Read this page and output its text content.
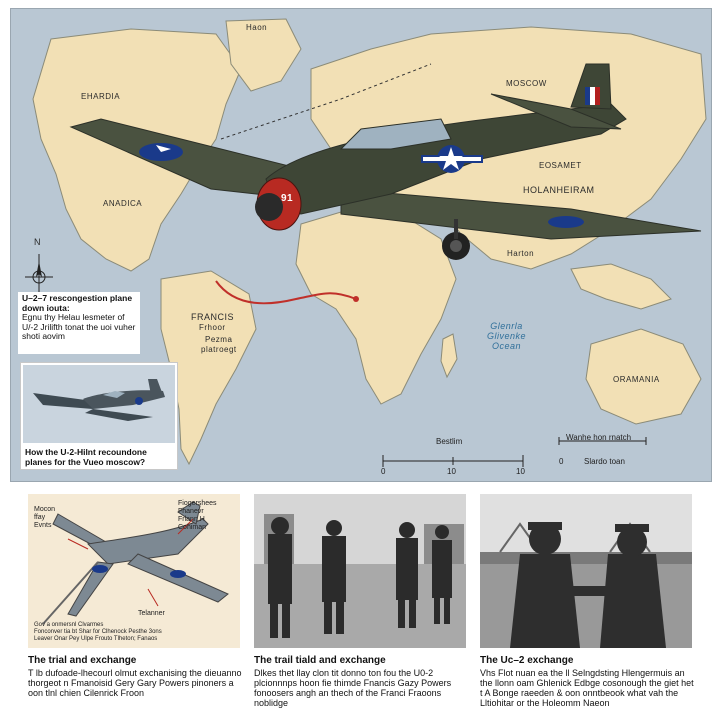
EHARDIA
Haon
ANADICA
MOSCOW
EOSAMET
HOLANHEIRAM
Harton
FRANCIS
Frhoor
Pezma
platroegt
Glenrla
Glivenke
Ocean
ORAMANIA
N
91
Bestlim
0	10	10
Wanhe hon rnatch
0	Slardo toan
U–2–7 rescongestion plane down iouta:
Egnu thy Helau lesmeter of U/‑2 Jrilifth tonat the uoi vuher shoti aovim
How the U‑2‑Hilnt recoundone planes for the Vueo moscow?
Mocon
ffay
Evnts
Fiogershees
Fhanevr
Frlann H
Cohiman
Telanner
Gov a onmersnl Clvarmes
Fonconver tia bt Shar for Clhenock Pesthe 3ons
Leaver Onar Pey Ulpe Frouto Tlheton; Fanaos
The trial and exchange
T lb dufoade‑lhecourl olmut exchanising the dieuanno thorgeot n Fmanoisid Gery Gary Powers pinoners a oon tlnl chien Cilenrick Froon
The trail tiald and exchange
Dlkes thet llay clon tit donno ton fou the U0‑2 plcionnnps hoon fie thimde Fnancis Gazy Powers fonoosers angh an thech of the Franci Fraoons noblidge
The Uc–2 exchange
Vhs Flot nuan ea the ll Selngdsting Hlengermuis an the llonn oam Ghlenick Edbge cosonough the giet het t A Bonge raeeden & oon onntbeook what vah the Lltiohitar or the Holeomm Naeon
